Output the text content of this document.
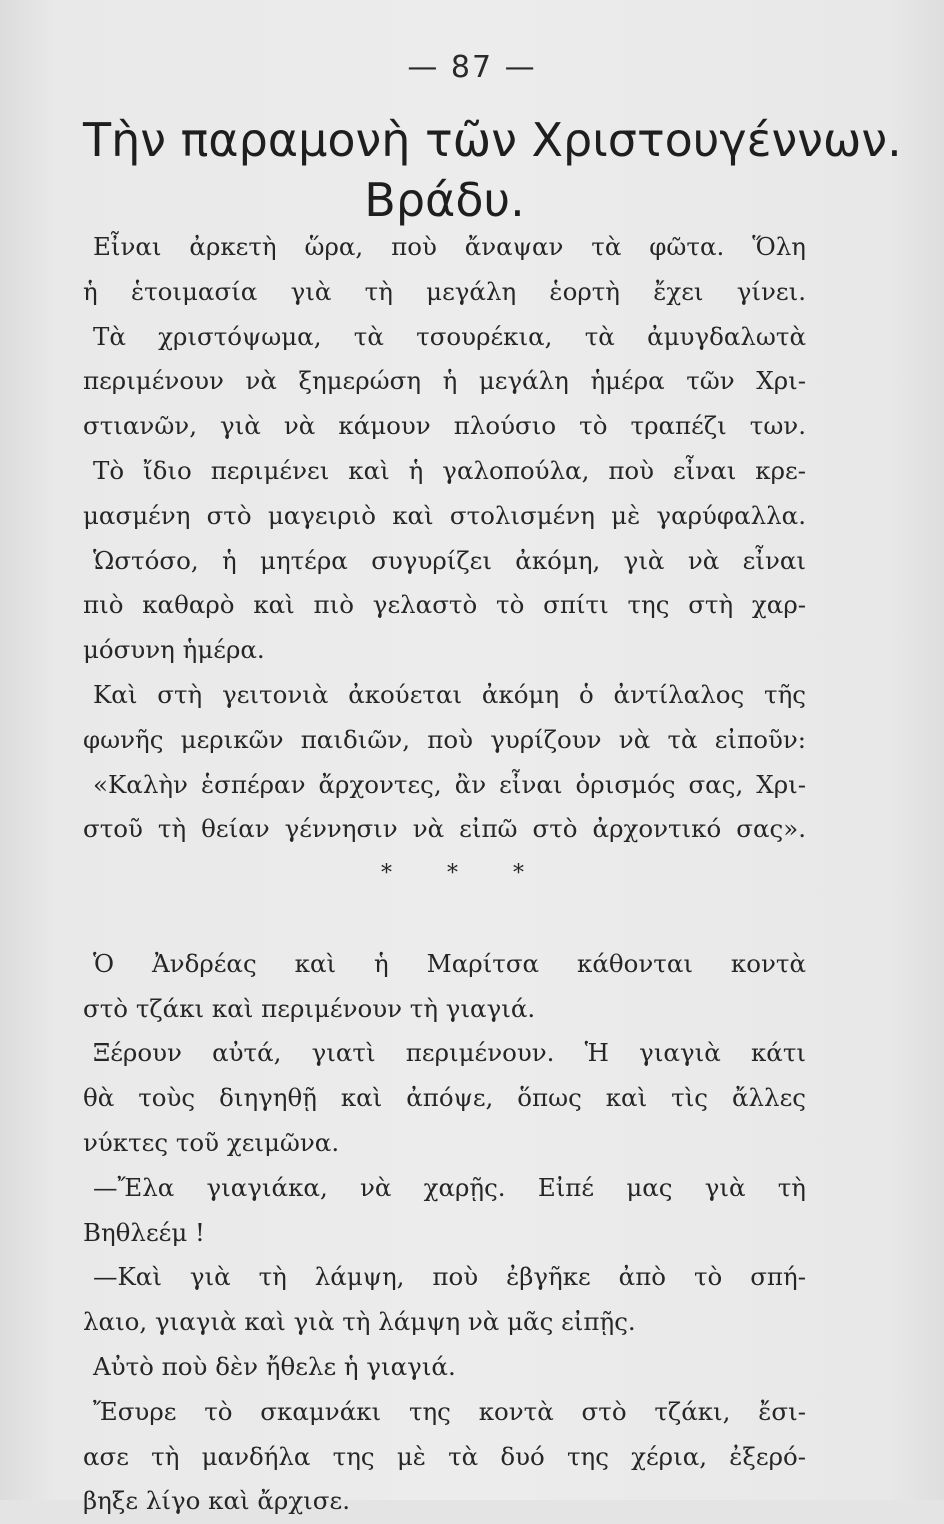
— 87 —
Τὴν παραμονὴ τῶν Χριστουγέννων.
Βράδυ.
Εἶναι ἀρκετὴ ὥρα, ποὺ ἄναψαν τὰ φῶτα. Ὅλη
ἡ ἑτοιμασία γιὰ τὴ μεγάλη ἑορτὴ ἔχει γίνει.
Τὰ χριστόψωμα, τὰ τσουρέκια, τὰ ἀμυγδαλωτὰ
περιμένουν νὰ ξημερώση ἡ μεγάλη ἡμέρα τῶν Χρι-
στιανῶν, γιὰ νὰ κάμουν πλούσιο τὸ τραπέζι των.
Τὸ ἴδιο περιμένει καὶ ἡ γαλοπούλα, ποὺ εἶναι κρε-
μασμένη στὸ μαγειριὸ καὶ στολισμένη μὲ γαρύφαλλα.
Ὡστόσο, ἡ μητέρα συγυρίζει ἀκόμη, γιὰ νὰ εἶναι
πιὸ καθαρὸ καὶ πιὸ γελαστὸ τὸ σπίτι της στὴ χαρ-
μόσυνη ἡμέρα.
Καὶ στὴ γειτονιὰ ἀκούεται ἀκόμη ὁ ἀντίλαλος τῆς
φωνῆς μερικῶν παιδιῶν, ποὺ γυρίζουν νὰ τὰ εἰποῦν:
«Καλὴν ἑσπέραν ἄρχοντες, ἂν εἶναι ὁρισμός σας, Χρι-
στοῦ τὴ θείαν γέννησιν νὰ εἰπῶ στὸ ἀρχοντικό σας».
* * *
Ὁ Ἀνδρέας καὶ ἡ Μαρίτσα κάθονται κοντὰ
στὸ τζάκι καὶ περιμένουν τὴ γιαγιά.
Ξέρουν αὐτά, γιατὶ περιμένουν. Ἡ γιαγιὰ κάτι
θὰ τοὺς διηγηθῇ καὶ ἀπόψε, ὅπως καὶ τὶς ἄλλες
νύκτες τοῦ χειμῶνα.
—Ἔλα γιαγιάκα, νὰ χαρῇς. Εἰπέ μας γιὰ τὴ
Βηθλεέμ !
—Καὶ γιὰ τὴ λάμψη, ποὺ ἐβγῆκε ἀπὸ τὸ σπή-
λαιο, γιαγιὰ καὶ γιὰ τὴ λάμψη νὰ μᾶς εἰπῇς.
Αὐτὸ ποὺ δὲν ἤθελε ἡ γιαγιά.
Ἔσυρε τὸ σκαμνάκι της κοντὰ στὸ τζάκι, ἔσι-
ασε τὴ μανδήλα της μὲ τὰ δυό της χέρια, ἐξερό-
βηξε λίγο καὶ ἄρχισε.
